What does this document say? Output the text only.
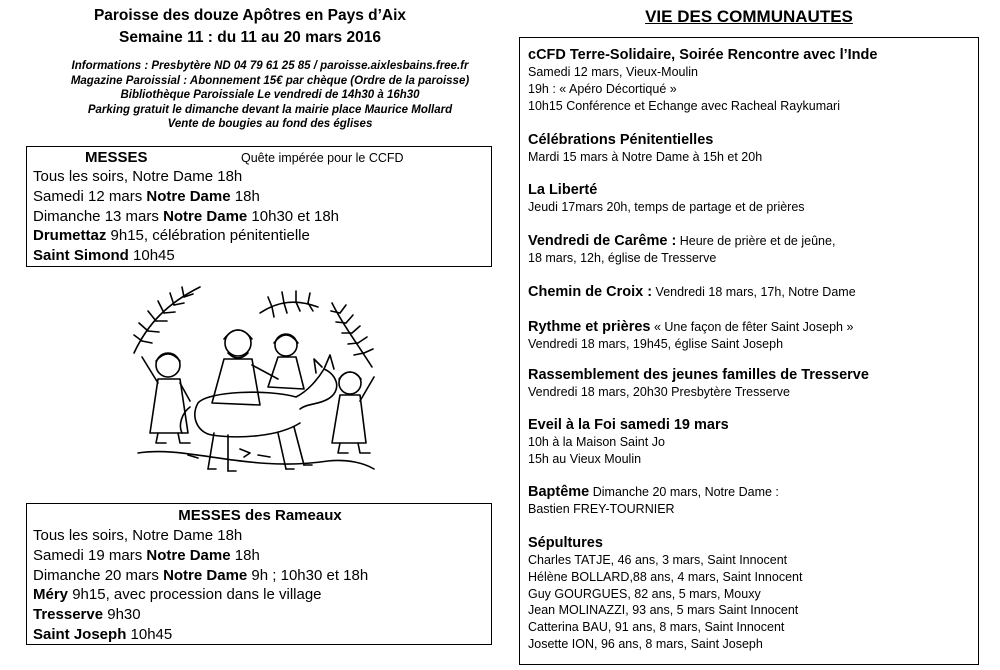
Paroisse des douze Apôtres en Pays d’Aix
Semaine 11 : du 11 au 20 mars 2016
Informations : Presbytère ND 04 79 61 25 85 / paroisse.aixlesbains.free.fr
Magazine Paroissial : Abonnement 15€ par chèque (Ordre de la paroisse)
Bibliothèque Paroissiale Le vendredi de 14h30 à 16h30
Parking gratuit le dimanche devant la mairie place Maurice Mollard
Vente de bougies au fond des églises
MESSES	Quête impérée pour le CCFD
Tous les soirs, Notre Dame 18h
Samedi 12 mars Notre Dame 18h
Dimanche 13 mars Notre Dame 10h30 et 18h
Drumettaz 9h15, célébration pénitentielle
Saint Simond 10h45
MESSES des Rameaux
Tous les soirs, Notre Dame 18h
Samedi 19 mars Notre Dame 18h
Dimanche 20 mars Notre Dame 9h ; 10h30 et 18h
Méry 9h15, avec procession dans le village
Tresserve 9h30
Saint Joseph 10h45
VIE DES COMMUNAUTES
cCFD Terre-Solidaire, Soirée Rencontre avec l’Inde
Samedi 12 mars, Vieux-Moulin
19h : « Apéro Décortiqué »
10h15 Conférence et Echange avec Racheal Raykumari
Célébrations Pénitentielles
Mardi 15 mars à Notre Dame à 15h et 20h
La Liberté
Jeudi 17mars 20h, temps de partage et de prières
Vendredi de Carême : Heure de prière et de jeûne,
18 mars, 12h, église de Tresserve
Chemin de Croix : Vendredi 18 mars, 17h, Notre Dame
Rythme et prières « Une façon de fêter Saint Joseph »
Vendredi 18 mars, 19h45, église Saint Joseph
Rassemblement des jeunes familles de Tresserve
Vendredi 18 mars, 20h30 Presbytère Tresserve
Eveil à la Foi samedi 19 mars
10h à la Maison Saint Jo
15h au Vieux Moulin
Baptême Dimanche 20 mars, Notre Dame :
Bastien FREY-TOURNIER
Sépultures
Charles TATJE, 46 ans, 3 mars, Saint Innocent
Hélène BOLLARD,88 ans, 4 mars, Saint Innocent
Guy GOURGUES, 82 ans, 5 mars, Mouxy
Jean MOLINAZZI, 93 ans, 5 mars Saint Innocent
Catterina BAU, 91 ans, 8 mars, Saint Innocent
Josette ION, 96 ans, 8 mars, Saint Joseph
